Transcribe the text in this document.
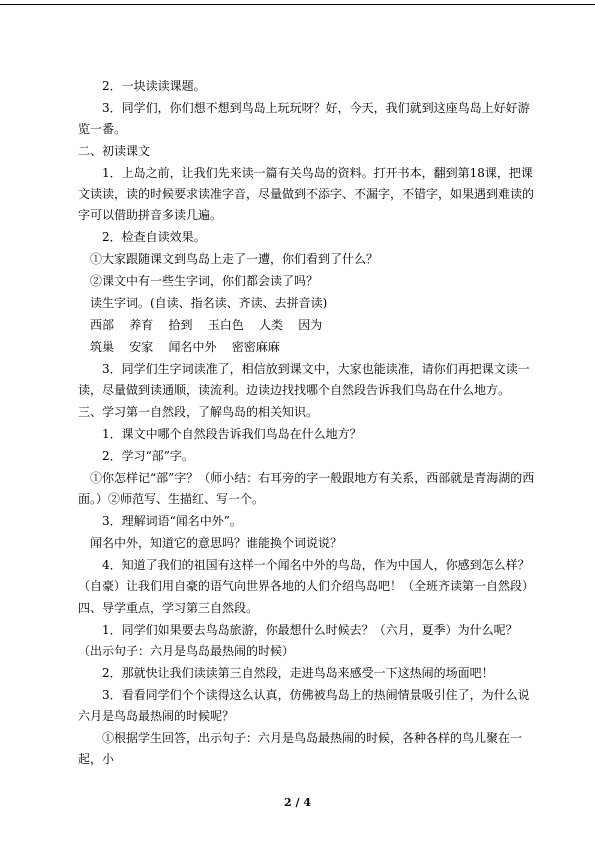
2．一块读读课题。

3．同学们，你们想不想到鸟岛上玩玩呀？好，今天，我们就到这座鸟岛上好好游览一番。

二、初读课文

1．上岛之前，让我们先来读一篇有关鸟岛的资料。打开书本，翻到第18课，把课文读读，读的时候要求读准字音，尽量做到不添字、不漏字，不错字，如果遇到难读的字可以借助拼音多读几遍。

2．检查自读效果。

①大家跟随课文到鸟岛上走了一遭，你们看到了什么？

②课文中有一些生字词，你们都会读了吗？

读生字词。(自读、指名读、齐读、去拼音读)

西部    养育    拾到    玉白色    人类    因为

筑巢    安家    闻名中外    密密麻麻

3．同学们生字词读准了，相信放到课文中，大家也能读准，请你们再把课文读一读，尽量做到读通顺，读流利。边读边找找哪个自然段告诉我们鸟岛在什么地方。

三、学习第一自然段，了解鸟岛的相关知识。

1．课文中哪个自然段告诉我们鸟岛在什么地方？

2．学习“部”字。

①你怎样记“部”字？（师小结：右耳旁的字一般跟地方有关系，西部就是青海湖的西面。）②师范写、生描红、写一个。

3．理解词语“闻名中外”。

闻名中外，知道它的意思吗？谁能换个词说说？

4．知道了我们的祖国有这样一个闻名中外的鸟岛，作为中国人，你感到怎么样？（自豪）让我们用自豪的语气向世界各地的人们介绍鸟岛吧！（全班齐读第一自然段）

四、导学重点，学习第三自然段。

1．同学们如果要去鸟岛旅游，你最想什么时候去？（六月，夏季）为什么呢？（出示句子：六月是鸟岛最热闹的时候）

2．那就快让我们读读第三自然段，走进鸟岛来感受一下这热闹的场面吧！

3．看看同学们个个读得这么认真，仿佛被鸟岛上的热闹情景吸引住了，为什么说六月是鸟岛最热闹的时候呢？

①根据学生回答，出示句子：六月是鸟岛最热闹的时候，各种各样的鸟儿聚在一起，小

2 / 4
